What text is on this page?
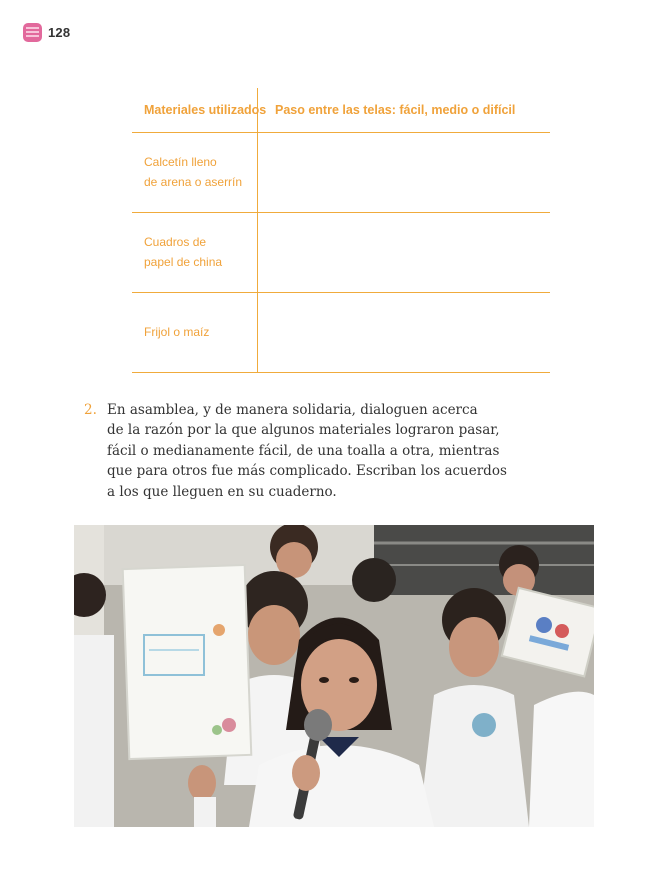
128
Materiales utilizados Paso entre las telas: fácil, medio o difícil
Calcetín lleno
de arena o aserrín
Cuadros de
papel de china
Frijol o maíz
2. En asamblea, y de manera solidaria, dialoguen acerca
de la razón por la que algunos materiales lograron pasar,
fácil o medianamente fácil, de una toalla a otra, mientras
que para otros fue más complicado. Escriban los acuerdos
a los que lleguen en su cuaderno.
